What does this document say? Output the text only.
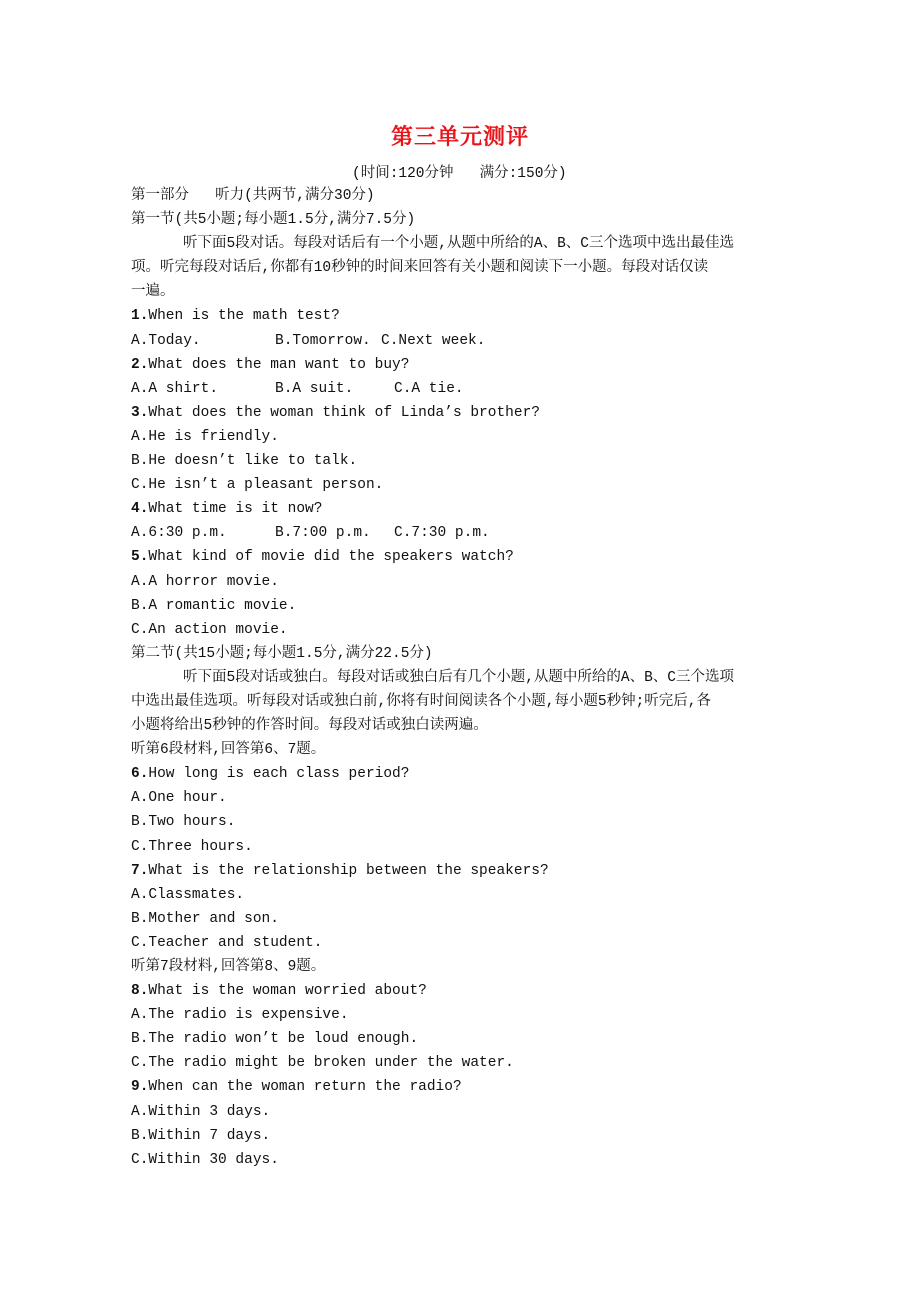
第三单元测评
(时间:120分钟   满分:150分)
第一部分   听力(共两节,满分30分)
第一节(共5小题;每小题1.5分,满分7.5分)
听下面5段对话。每段对话后有一个小题,从题中所给的A、B、C三个选项中选出最佳选
项。听完每段对话后,你都有10秒钟的时间来回答有关小题和阅读下一小题。每段对话仅读
一遍。
1.When is the math test?
A.Today.	B.Tomorrow. C.Next week.
2.What does the man want to buy?
A.A shirt.	B.A suit.	C.A tie.
3.What does the woman think of Linda’s brother?
A.He is friendly.
B.He doesn’t like to talk.
C.He isn’t a pleasant person.
4.What time is it now?
A.6:30 p.m.	B.7:00 p.m. C.7:30 p.m.
5.What kind of movie did the speakers watch?
A.A horror movie.
B.A romantic movie.
C.An action movie.
第二节(共15小题;每小题1.5分,满分22.5分)
听下面5段对话或独白。每段对话或独白后有几个小题,从题中所给的A、B、C三个选项
中选出最佳选项。听每段对话或独白前,你将有时间阅读各个小题,每小题5秒钟;听完后,各
小题将给出5秒钟的作答时间。每段对话或独白读两遍。
听第6段材料,回答第6、7题。
6.How long is each class period?
A.One hour.
B.Two hours.
C.Three hours.
7.What is the relationship between the speakers?
A.Classmates.
B.Mother and son.
C.Teacher and student.
听第7段材料,回答第8、9题。
8.What is the woman worried about?
A.The radio is expensive.
B.The radio won’t be loud enough.
C.The radio might be broken under the water.
9.When can the woman return the radio?
A.Within 3 days.
B.Within 7 days.
C.Within 30 days.
